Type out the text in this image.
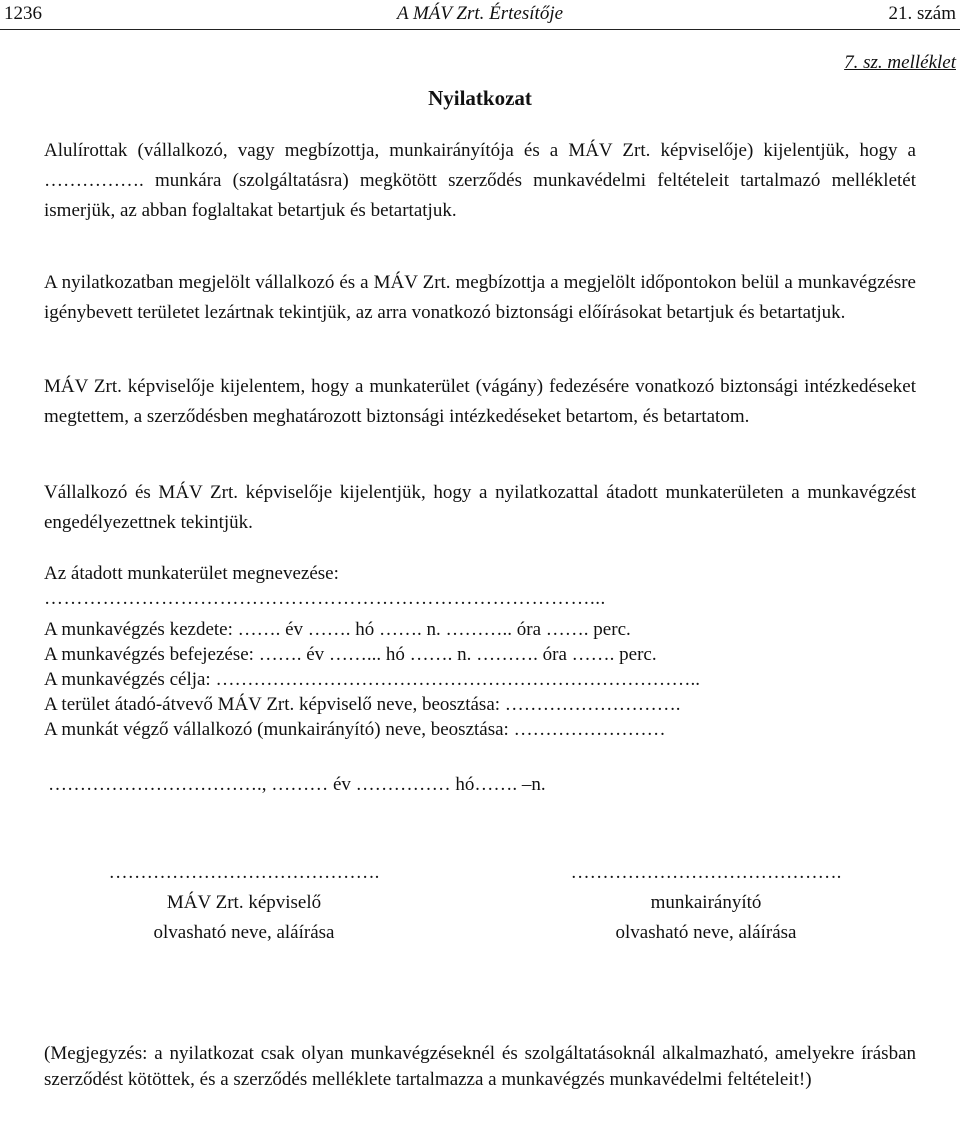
1236	A MÁV Zrt. Értesítője	21. szám
7. sz. melléklet
Nyilatkozat

Alulírottak (vállalkozó, vagy megbízottja, munkairányítója és a MÁV Zrt. képviselője) kijelentjük, hogy a ……………. munkára (szolgáltatásra) megkötött szerződés munkavédelmi feltételeit tartalmazó mellékletét ismerjük, az abban foglaltakat betartjuk és betartatjuk.

A nyilatkozatban megjelölt vállalkozó és a MÁV Zrt. megbízottja a megjelölt időpontokon belül a munkavégzésre igénybevett területet lezártnak tekintjük, az arra vonatkozó biztonsági előírásokat betartjuk és betartatjuk.

MÁV Zrt. képviselője kijelentem, hogy a munkaterület (vágány) fedezésére vonatkozó biztonsági intézkedéseket megtettem, a szerződésben meghatározott biztonsági intézkedéseket betartom, és betartatom.

Vállalkozó és MÁV Zrt. képviselője kijelentjük, hogy a nyilatkozattal átadott munkaterületen a munkavégzést engedélyezettnek tekintjük.

Az átadott munkaterület megnevezése:
…………………………………………………………………………...
A munkavégzés kezdete: ……. év ……. hó ……. n. ……….. óra ……. perc.
A munkavégzés befejezése: ……. év ……... hó ……. n. ………. óra ……. perc.
A munkavégzés célja: …………………………………………………………………..
A terület átadó-átvevő MÁV Zrt. képviselő neve, beosztása: ……………………….
A munkát végző vállalkozó (munkairányító) neve, beosztása: ……………………
……………………………., ……… év …………… hó……. –n.
…………………………………….
MÁV Zrt. képviselő
olvasható neve, aláírása
…………………………………….
munkairányító
olvasható neve, aláírása

(Megjegyzés: a nyilatkozat csak olyan munkavégzéseknél és szolgáltatásoknál alkalmazható, amelyekre írásban szerződést kötöttek, és a szerződés melléklete tartalmazza a munkavégzés munkavédelmi feltételeit!)
